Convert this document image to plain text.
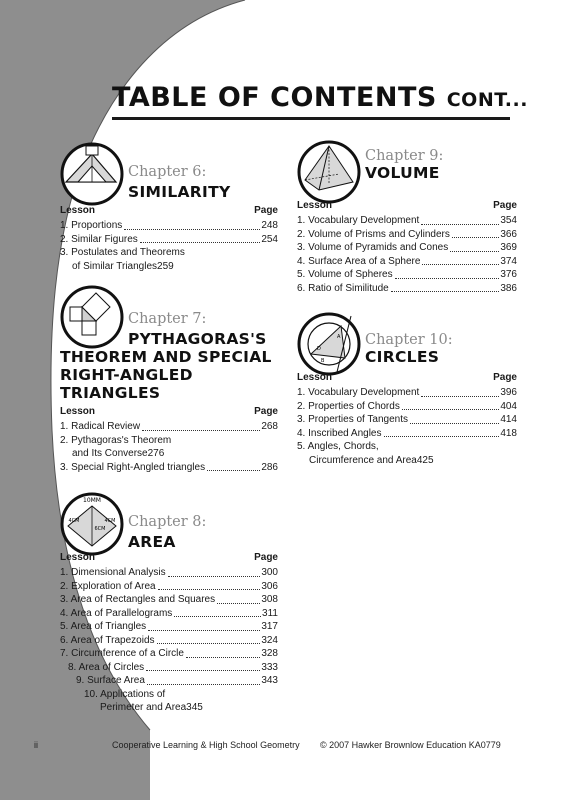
TABLE OF CONTENTS CONT...
Chapter 6:
SIMILARITY
Lesson	Page
1. Proportions	248
2. Similar Figures	254
3. Postulates and Theorems
of Similar Triangles 259
Chapter 7:
PYTHAGORAS'S
THEOREM AND SPECIAL
RIGHT-ANGLED
TRIANGLES
Lesson	Page
1. Radical Review	268
2. Pythagoras's Theorem
and Its Converse 276
3. Special Right-Angled triangles	286
10MM
4CM
6CM
4CM Chapter 8:
AREA
Lesson	Page
1. Dimensional Analysis	300
2. Exploration of Area	306
3. Area of Rectangles and Squares	308
4. Area of Parallelograms	311
5. Area of Triangles	317
6. Area of Trapezoids	324
7. Circumference of a Circle	328
8. Area of Circles	333
9. Surface Area	343
10. Applications of
Perimeter and Area 345
Chapter 9:
VOLUME
Lesson	Page
1. Vocabulary Development	354
2. Volume of Prisms and Cylinders	366
3. Volume of Pyramids and Cones	369
4. Surface Area of a Sphere	374
5. Volume of Spheres	376
6. Ratio of Similitude	386
D
A
B
Chapter 10:
CIRCLES
Lesson	Page
1. Vocabulary Development	396
2. Properties of Chords	404
3. Properties of Tangents	414
4. Inscribed Angles	418
5. Angles, Chords,
Circumference and Area 425
ii	Cooperative Learning & High School Geometry © 2007 Hawker Brownlow Education KA0779
